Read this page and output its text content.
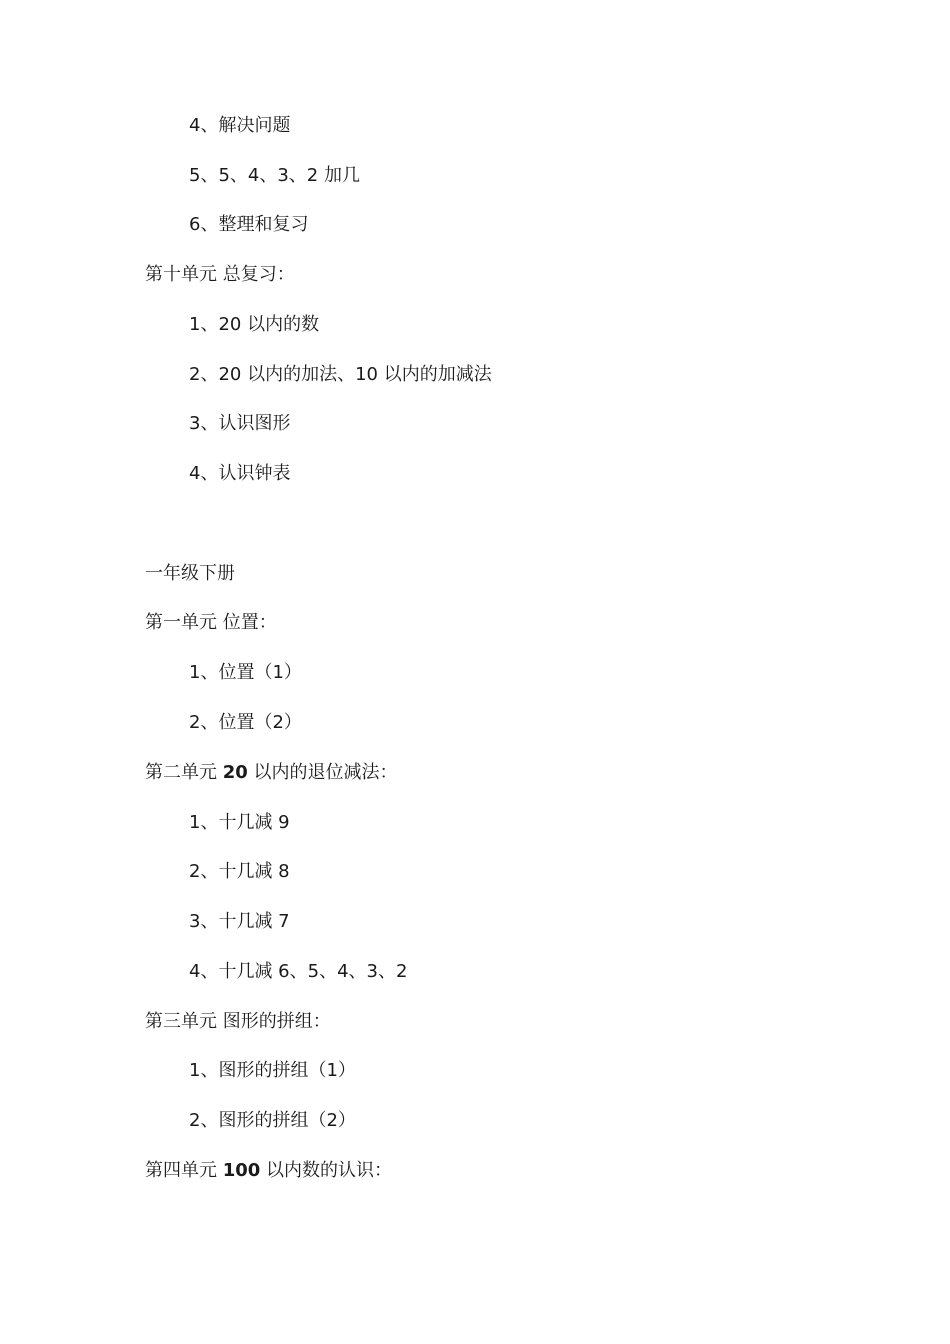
4、解决问题
5、5、4、3、2 加几
6、整理和复习
第十单元 总复习：
1、20 以内的数
2、20 以内的加法、10 以内的加减法
3、认识图形
4、认识钟表
一年级下册
第一单元 位置：
1、位置（1）
2、位置（2）
第二单元 20 以内的退位减法：
1、十几减 9
2、十几减 8
3、十几减 7
4、十几减 6、5、4、3、2
第三单元 图形的拼组：
1、图形的拼组（1）
2、图形的拼组（2）
第四单元 100 以内数的认识：
